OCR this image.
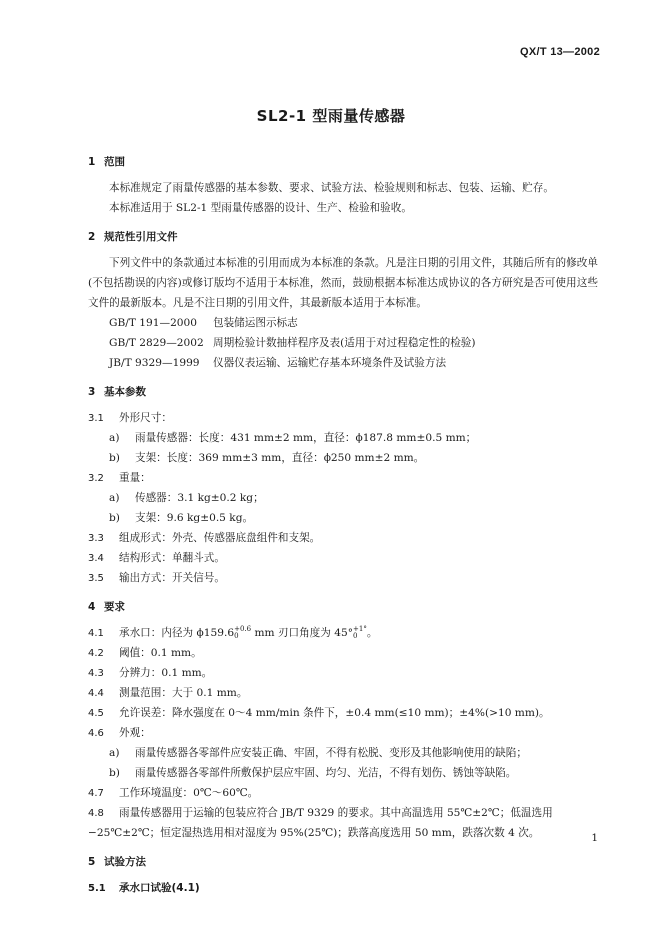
QX/T 13—2002
SL2-1 型雨量传感器
1 范围
本标准规定了雨量传感器的基本参数、要求、试验方法、检验规则和标志、包装、运输、贮存。
本标准适用于 SL2-1 型雨量传感器的设计、生产、检验和验收。
2 规范性引用文件
下列文件中的条款通过本标准的引用而成为本标准的条款。凡是注日期的引用文件，其随后所有的修改单(不包括勘误的内容)或修订版均不适用于本标准，然而，鼓励根据本标准达成协议的各方研究是否可使用这些文件的最新版本。凡是不注日期的引用文件，其最新版本适用于本标准。
GB/T 191—2000 包装储运图示标志
GB/T 2829—2002 周期检验计数抽样程序及表(适用于对过程稳定性的检验)
JB/T 9329—1999 仪器仪表运输、运输贮存基本环境条件及试验方法
3 基本参数
3.1 外形尺寸：
a) 雨量传感器：长度：431 mm±2 mm，直径：ϕ187.8 mm±0.5 mm；
b) 支架：长度：369 mm±3 mm，直径：ϕ250 mm±2 mm。
3.2 重量：
a) 传感器：3.1 kg±0.2 kg；
b) 支架：9.6 kg±0.5 kg。
3.3 组成形式：外壳、传感器底盘组件和支架。
3.4 结构形式：单翻斗式。
3.5 输出方式：开关信号。
4 要求
4.1 承水口：内径为 ϕ159.6 +0.6
0	mm 刃口角度为 45° +1°
0 。
4.2 阈值：0.1 mm。
4.3 分辨力：0.1 mm。
4.4 测量范围：大于 0.1 mm。
4.5 允许误差：降水强度在 0～4 mm/min 条件下，±0.4 mm(≤10 mm)；±4%(>10 mm)。
4.6 外观：
a) 雨量传感器各零部件应安装正确、牢固，不得有松脱、变形及其他影响使用的缺陷；
b) 雨量传感器各零部件所敷保护层应牢固、均匀、光洁，不得有划伤、锈蚀等缺陷。
4.7 工作环境温度：0℃～60℃。
4.8 雨量传感器用于运输的包装应符合 JB/T 9329 的要求。其中高温选用 55℃±2℃；低温选用
−25℃±2℃；恒定湿热选用相对湿度为 95%(25℃)；跌落高度选用 50 mm，跌落次数 4 次。
5 试验方法
5.1 承水口试验(4.1)
1
